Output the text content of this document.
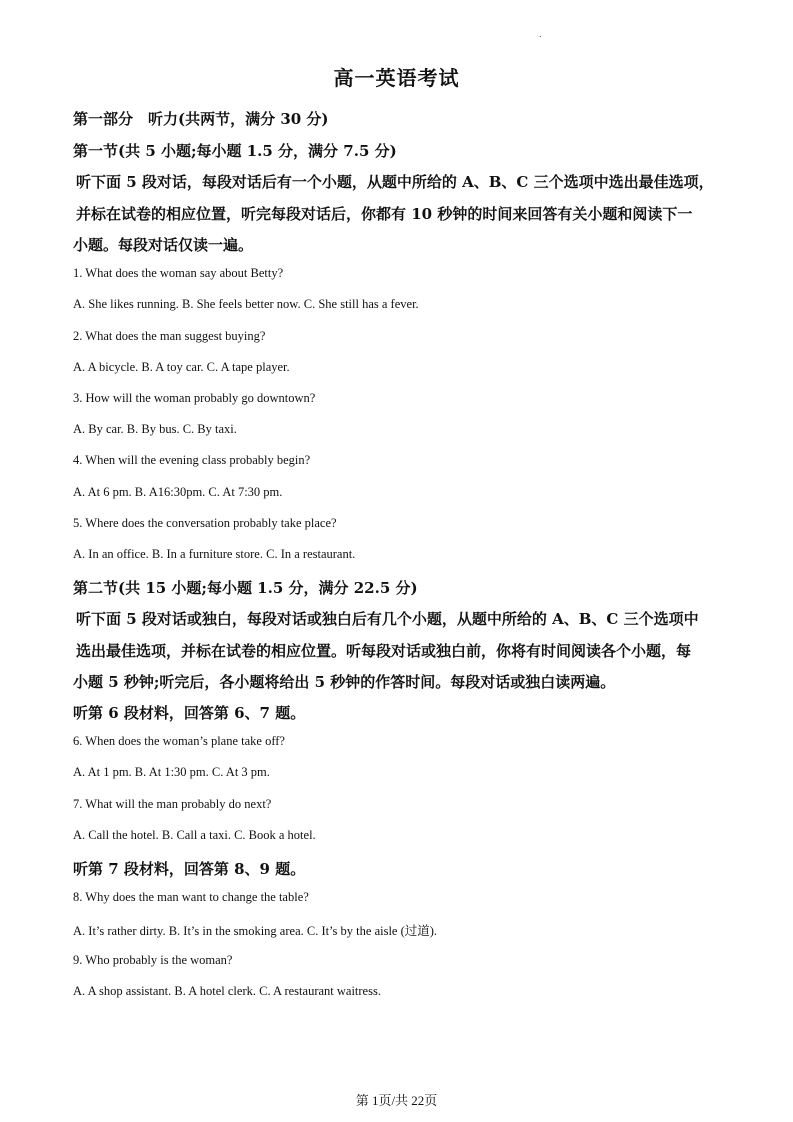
.
高一英语考试
第一部分　听力(共两节，满分 30 分)
第一节(共 5 小题;每小题 1.5 分，满分 7.5 分)
听下面 5 段对话，每段对话后有一个小题，从题中所给的 A、B、C 三个选项中选出最佳选项，
并标在试卷的相应位置，听完每段对话后，你都有 10 秒钟的时间来回答有关小题和阅读下一
小题。每段对话仅读一遍。
1. What does the woman say about Betty?
A. She likes running. B. She feels better now. C. She still has a fever.
2. What does the man suggest buying?
A. A bicycle. B. A toy car. C. A tape player.
3. How will the woman probably go downtown?
A. By car. B. By bus. C. By taxi.
4. When will the evening class probably begin?
A. At 6 pm. B. A16:30pm. C. At 7:30 pm.
5. Where does the conversation probably take place?
A. In an office. B. In a furniture store. C. In a restaurant.
第二节(共 15 小题;每小题 1.5 分，满分 22.5 分)
听下面 5 段对话或独白，每段对话或独白后有几个小题，从题中所给的 A、B、C 三个选项中
选出最佳选项，并标在试卷的相应位置。听每段对话或独白前，你将有时间阅读各个小题，每
小题 5 秒钟;听完后，各小题将给出 5 秒钟的作答时间。每段对话或独白读两遍。
听第 6 段材料，回答第 6、7 题。
6. When does the woman’s plane take off?
A. At 1 pm. B. At 1:30 pm. C. At 3 pm.
7. What will the man probably do next?
A. Call the hotel. B. Call a taxi. C. Book a hotel.
听第 7 段材料，回答第 8、9 题。
8. Why does the man want to change the table?
A. It’s rather dirty. B. It’s in the smoking area. C. It’s by the aisle (过道).
9. Who probably is the woman?
A. A shop assistant. B. A hotel clerk. C. A restaurant waitress.
第 1页/共 22页
